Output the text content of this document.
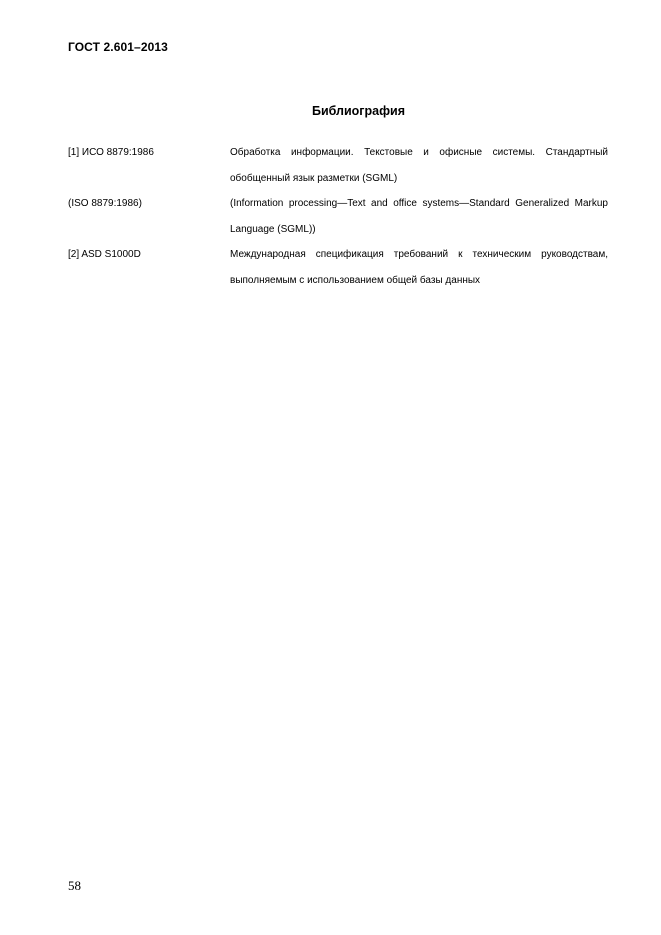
ГОСТ 2.601–2013
Библиография
[1] ИСО 8879:1986	Обработка информации. Текстовые и офисные системы. Стандартный обобщенный язык разметки (SGML)
(ISO 8879:1986)	(Information processing—Text and office systems—Standard Generalized Markup Language (SGML))
[2] ASD S1000D	Международная спецификация требований к техническим руководствам, выполняемым с использованием общей базы данных
58
